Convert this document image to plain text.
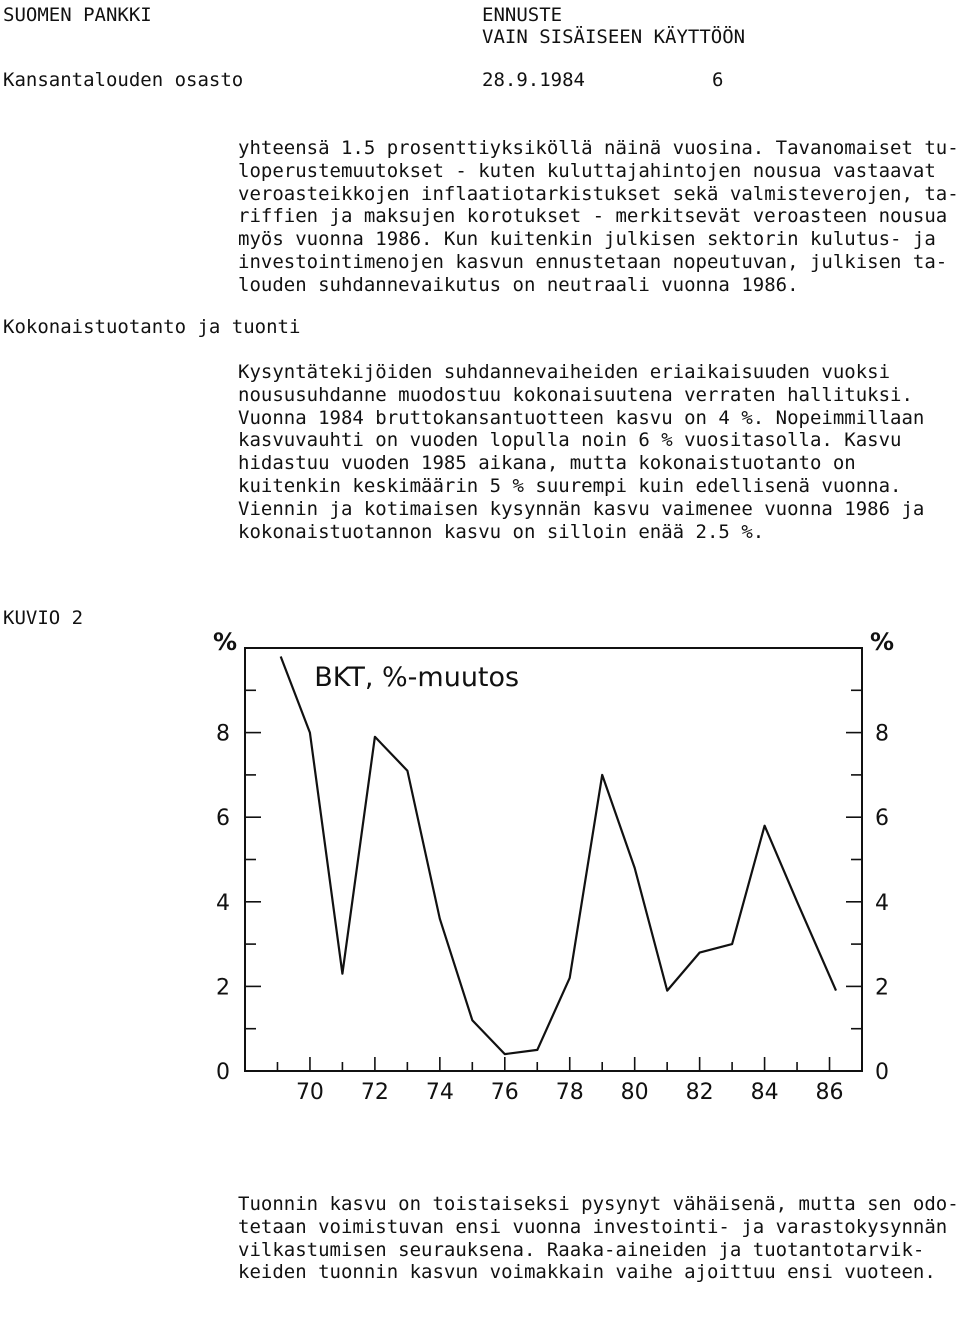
SUOMEN PANKKI	ENNUSTE
VAIN SISÄISEEN KÄYTTÖÖN
Kansantalouden osasto	28.9.1984	6
yhteensä 1.5 prosenttiyksiköllä näinä vuosina. Tavanomaiset tu-
loperustemuutokset - kuten kuluttajahintojen nousua vastaavat
veroasteikkojen inflaatiotarkistukset sekä valmisteverojen, ta-
riffien ja maksujen korotukset - merkitsevät veroasteen nousua
myös vuonna 1986. Kun kuitenkin julkisen sektorin kulutus- ja
investointimenojen kasvun ennustetaan nopeutuvan, julkisen ta-
louden suhdannevaikutus on neutraali vuonna 1986.
Kokonaistuotanto ja tuonti
Kysyntätekijöiden suhdannevaiheiden eriaikaisuuden vuoksi
noususuhdanne muodostuu kokonaisuutena verraten hallituksi.
Vuonna 1984 bruttokansantuotteen kasvu on 4 %. Nopeimmillaan
kasvuvauhti on vuoden lopulla noin 6 % vuositasolla. Kasvu
hidastuu vuoden 1985 aikana, mutta kokonaistuotanto on
kuitenkin keskimäärin 5 % suurempi kuin edellisenä vuonna.
Viennin ja kotimaisen kysynnän kasvu vaimenee vuonna 1986 ja
kokonaistuotannon kasvu on silloin enää 2.5 %.
KUVIO 2
0	0
2	2
4	4
6	6
8	8
70 72 74 76 78 80 82 84 86
%	%
BKT, %-muutos
Tuonnin kasvu on toistaiseksi pysynyt vähäisenä, mutta sen odo-
tetaan voimistuvan ensi vuonna investointi- ja varastokysynnän
vilkastumisen seurauksena. Raaka-aineiden ja tuotantotarvik-
keiden tuonnin kasvun voimakkain vaihe ajoittuu ensi vuoteen.
